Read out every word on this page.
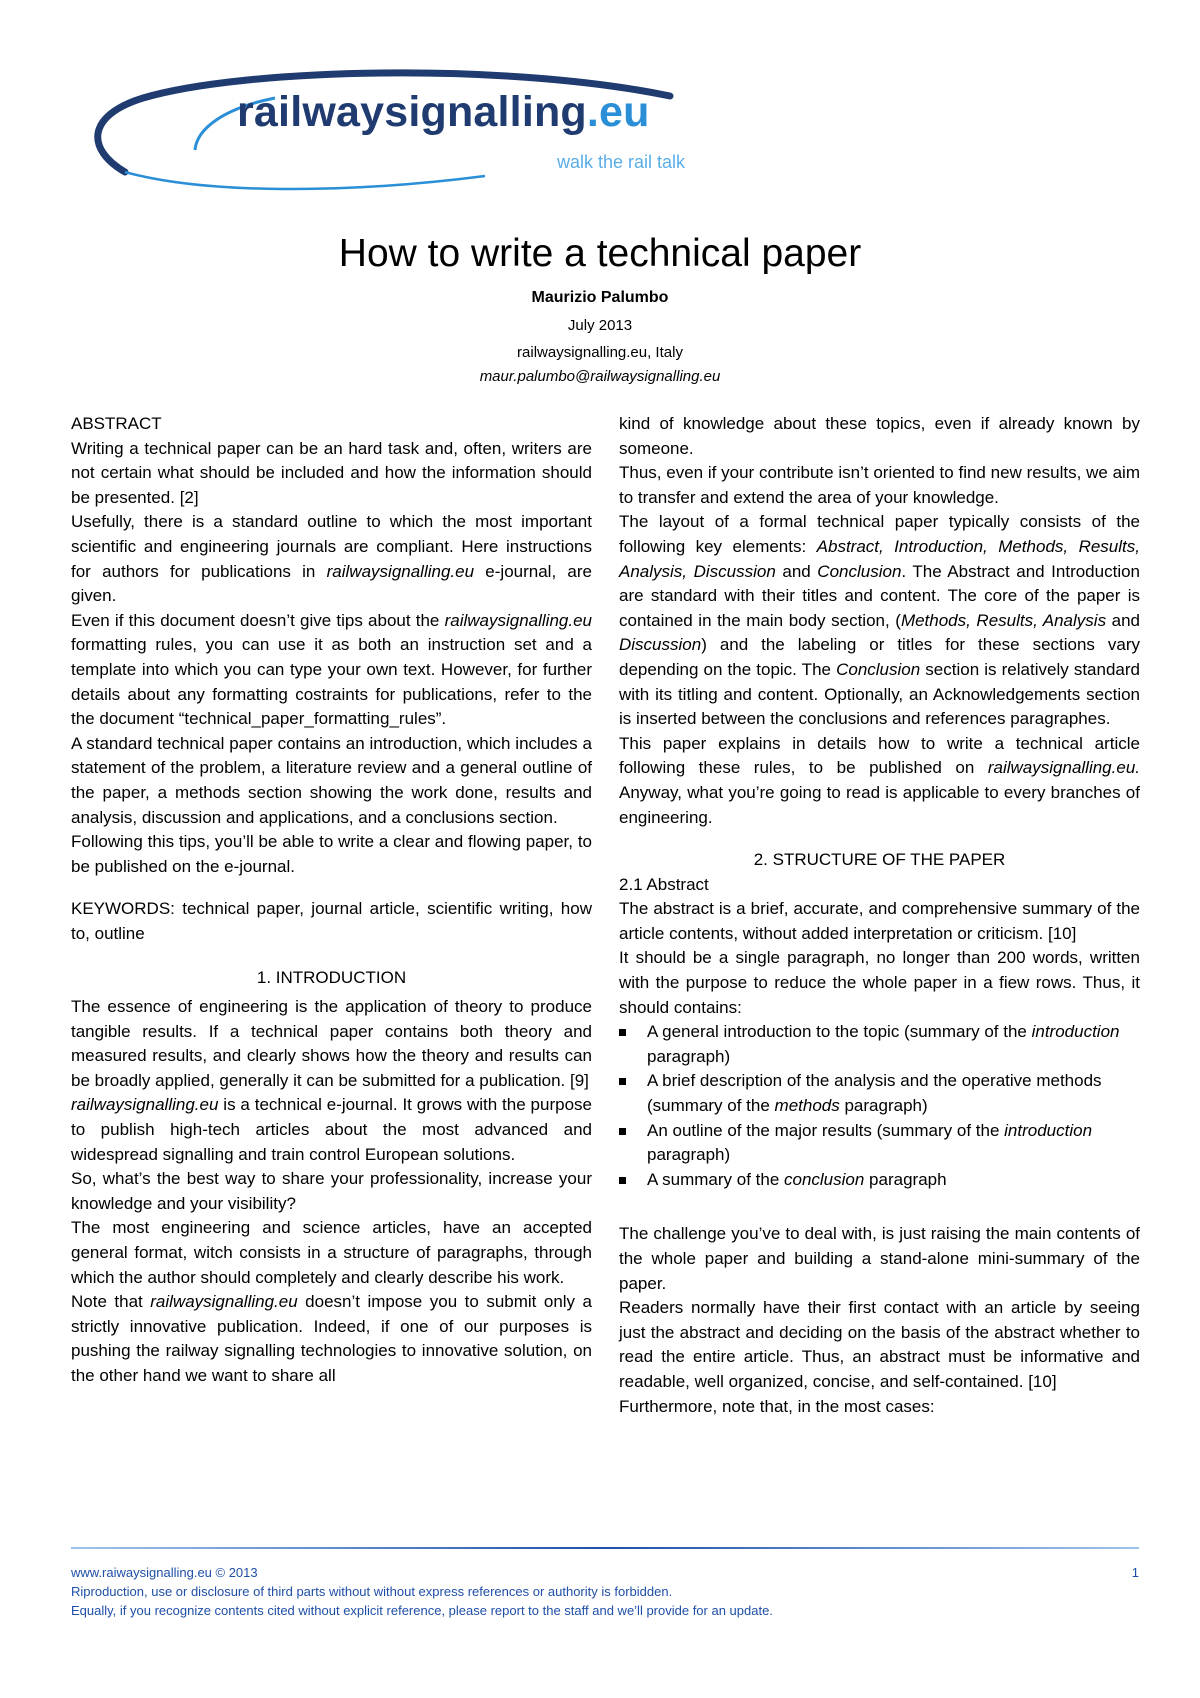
railwaysignalling.eu
walk the rail talk
How to write a technical paper
Maurizio Palumbo
July 2013
railwaysignalling.eu, Italy
maur.palumbo@railwaysignalling.eu

ABSTRACT

Writing a technical paper can be an hard task and, often, writers are not certain what should be included and how the information should be presented. [2]

Usefully, there is a standard outline to which the most important scientific and engineering journals are compliant. Here instructions for authors for publications in railwaysignalling.eu e-journal, are given.

Even if this document doesn’t give tips about the railwaysignalling.eu formatting rules, you can use it as both an instruction set and a template into which you can type your own text. However, for further details about any formatting costraints for publications, refer to the the document “technical_paper_formatting_rules”.

A standard technical paper contains an introduction, which includes a statement of the problem, a literature review and a general outline of the paper, a methods section showing the work done, results and analysis, discussion and applications, and a conclusions section.

Following this tips, you’ll be able to write a clear and flowing paper, to be published on the e-journal.

KEYWORDS: technical paper, journal article, scientific writing, how to, outline

1. INTRODUCTION

The essence of engineering is the application of theory to produce tangible results. If a technical paper contains both theory and measured results, and clearly shows how the theory and results can be broadly applied, generally it can be submitted for a publication. [9]

railwaysignalling.eu is a technical e-journal. It grows with the purpose to publish high-tech articles about the most advanced and widespread signalling and train control European solutions.

So, what’s the best way to share your professionality, increase your knowledge and your visibility?

The most engineering and science articles, have an accepted general format, witch consists in a structure of paragraphs, through which the author should completely and clearly describe his work.

Note that railwaysignalling.eu doesn’t impose you to submit only a strictly innovative publication. Indeed, if one of our purposes is pushing the railway signalling technologies to innovative solution, on the other hand we want to share all

kind of knowledge about these topics, even if already known by someone.

Thus, even if your contribute isn’t oriented to find new results, we aim to transfer and extend the area of your knowledge.

The layout of a formal technical paper typically consists of the following key elements: Abstract, Introduction, Methods, Results, Analysis, Discussion and Conclusion. The Abstract and Introduction are standard with their titles and content. The core of the paper is contained in the main body section, (Methods, Results, Analysis and Discussion) and the labeling or titles for these sections vary depending on the topic. The Conclusion section is relatively standard with its titling and content. Optionally, an Acknowledgements section is inserted between the conclusions and references paragraphes.

This paper explains in details how to write a technical article following these rules, to be published on railwaysignalling.eu. Anyway, what you’re going to read is applicable to every branches of engineering.

2. STRUCTURE OF THE PAPER

2.1 Abstract

The abstract is a brief, accurate, and comprehensive summary of the article contents, without added interpretation or criticism. [10]

It should be a single paragraph, no longer than 200 words, written with the purpose to reduce the whole paper in a fiew rows. Thus, it should contains:

A general introduction to the topic (summary of the introduction paragraph)
A brief description of the analysis and the operative methods (summary of the methods paragraph)
An outline of the major results (summary of the introduction paragraph)
A summary of the conclusion paragraph

The challenge you’ve to deal with, is just raising the main contents of the whole paper and building a stand-alone mini-summary of the paper.

Readers normally have their first contact with an article by seeing just the abstract and deciding on the basis of the abstract whether to read the entire article. Thus, an abstract must be informative and readable, well organized, concise, and self-contained. [10]

Furthermore, note that, in the most cases:

www.raiwaysignalling.eu © 2013	1
Riproduction, use or disclosure of third parts without without express references or authority is forbidden.
Equally, if you recognize contents cited without explicit reference, please report to the staff and we’ll provide for an update.
